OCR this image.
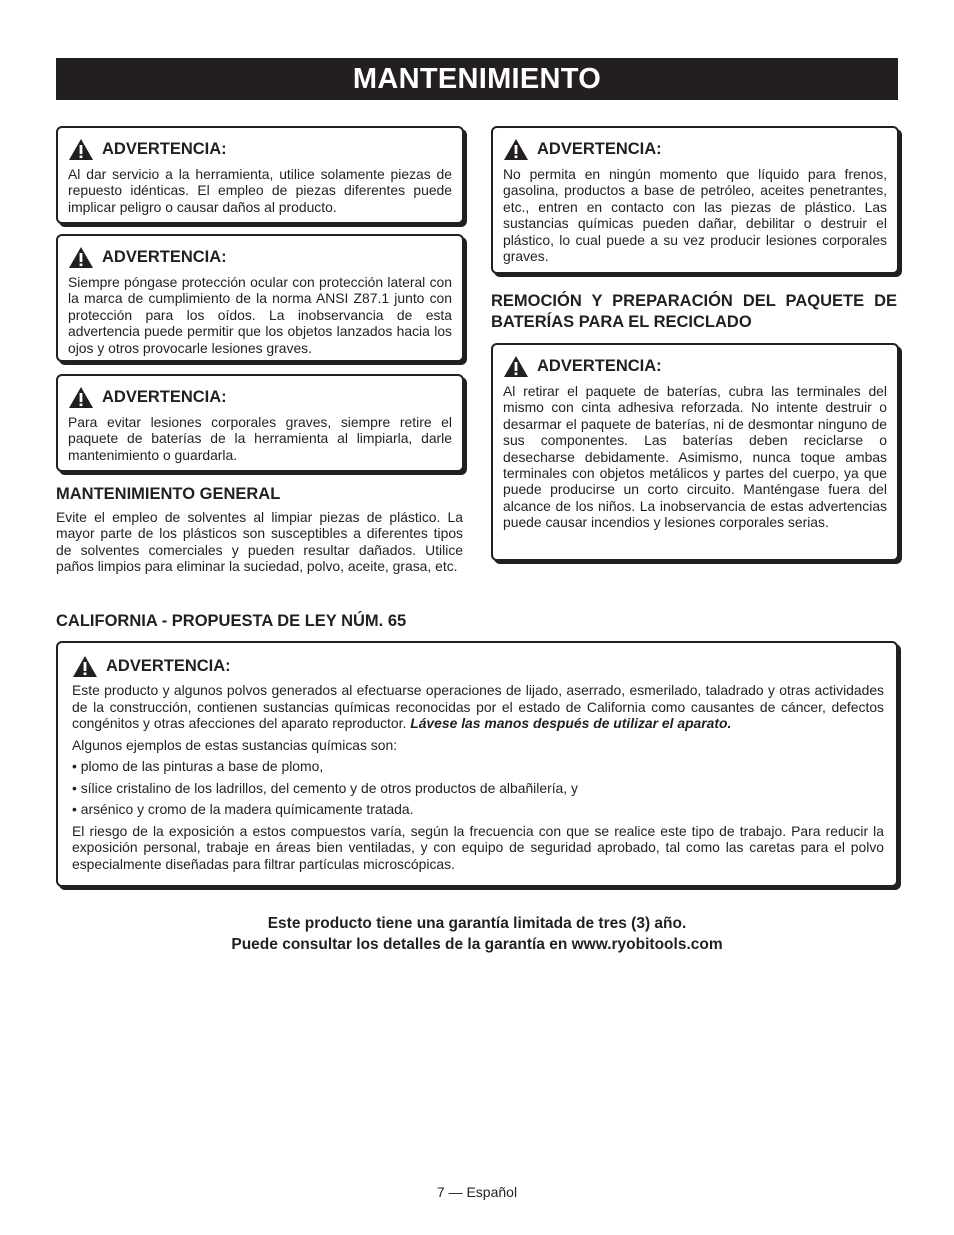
MANTENIMIENTO
ADVERTENCIA:

Al dar servicio a la herramienta, utilice solamente piezas de repuesto idénticas. El empleo de piezas diferentes puede implicar peligro o causar daños al producto.

ADVERTENCIA:

Siempre póngase protección ocular con protección lateral con la marca de cumplimiento de la norma ANSI Z87.1 junto con protección para los oídos. La inobservancia de esta advertencia puede permitir que los objetos lanzados hacia los ojos y otros provocarle lesiones graves.

ADVERTENCIA:

Para evitar lesiones corporales graves, siempre retire el paquete de baterías de la herramienta al limpiarla, darle mantenimiento o guardarla.

MANTENIMIENTO GENERAL

Evite el empleo de solventes al limpiar piezas de plástico. La mayor parte de los plásticos son susceptibles a diferentes tipos de solventes comerciales y pueden resultar dañados. Utilice paños limpios para eliminar la suciedad, polvo, aceite, grasa, etc.

ADVERTENCIA:

No permita en ningún momento que líquido para frenos, gasolina, productos a base de petróleo, aceites penetrantes, etc., entren en contacto con las piezas de plástico. Las sustancias químicas pueden dañar, debilitar o destruir el plástico, lo cual puede a su vez producir lesiones corporales graves.

REMOCIÓN Y PREPARACIÓN DEL PAQUETE DE BATERÍAS PARA EL RECICLADO
ADVERTENCIA:

Al retirar el paquete de baterías, cubra las terminales del mismo con cinta adhesiva reforzada. No intente destruir o desarmar el paquete de baterías, ni de desmontar ninguno de sus componentes. Las baterías deben reciclarse o desecharse debidamente. Asimismo, nunca toque ambas terminales con objetos metálicos y partes del cuerpo, ya que puede producirse un corto circuito. Manténgase fuera del alcance de los niños. La inobservancia de estas advertencias puede causar incendios y lesiones corporales serias.

CALIFORNIA - PROPUESTA DE LEY NÚM. 65
ADVERTENCIA:

Este producto y algunos polvos generados al efectuarse operaciones de lijado, aserrado, esmerilado, taladrado y otras actividades de la construcción, contienen sustancias químicas reconocidas por el estado de California como causantes de cáncer, defectos congénitos y otras afecciones del aparato reproductor. Lávese las manos después de utilizar el aparato.

Algunos ejemplos de estas sustancias químicas son:

• plomo de las pinturas a base de plomo,

• sílice cristalino de los ladrillos, del cemento y de otros productos de albañilería, y

• arsénico y cromo de la madera químicamente tratada.

El riesgo de la exposición a estos compuestos varía, según la frecuencia con que se realice este tipo de trabajo. Para reducir la exposición personal, trabaje en áreas bien ventiladas, y con equipo de seguridad aprobado, tal como las caretas para el polvo especialmente diseñadas para filtrar partículas microscópicas.

Este producto tiene una garantía limitada de tres (3) año.
Puede consultar los detalles de la garantía en www.ryobitools.com
7 — Español
